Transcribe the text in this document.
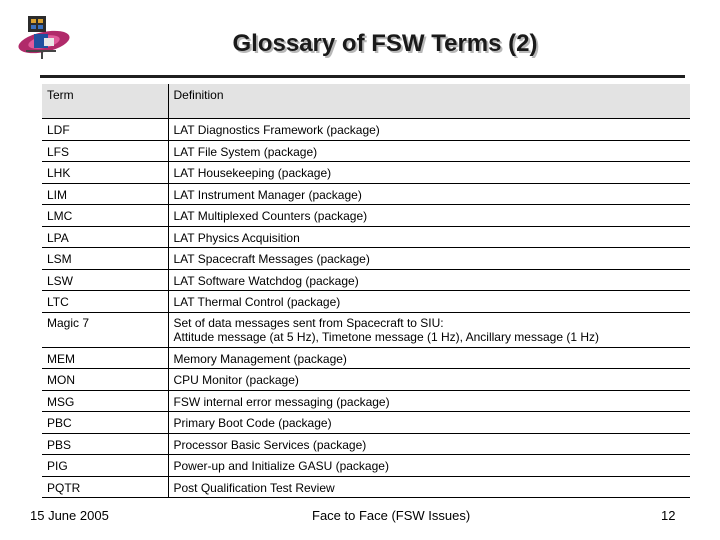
Glossary of FSW Terms (2)
Term	Definition
LDF	LAT Diagnostics Framework (package)

LFS	LAT File System (package)

LHK	LAT Housekeeping (package)

LIM	LAT Instrument Manager (package)

LMC	LAT Multiplexed Counters (package)

LPA	LAT Physics Acquisition

LSM	LAT Spacecraft Messages (package)

LSW	LAT Software Watchdog (package)

LTC	LAT Thermal Control (package)

Magic 7	Set of data messages sent from Spacecraft to SIU:
Attitude message (at 5 Hz), Timetone message (1 Hz), Ancillary message (1 Hz)

MEM	Memory Management (package)

MON	CPU Monitor (package)

MSG	FSW internal error messaging (package)

PBC	Primary Boot Code (package)

PBS	Processor Basic Services (package)

PIG	Power-up and Initialize GASU (package)

PQTR	Post Qualification Test Review
15 June 2005	Face to Face (FSW Issues)	12
